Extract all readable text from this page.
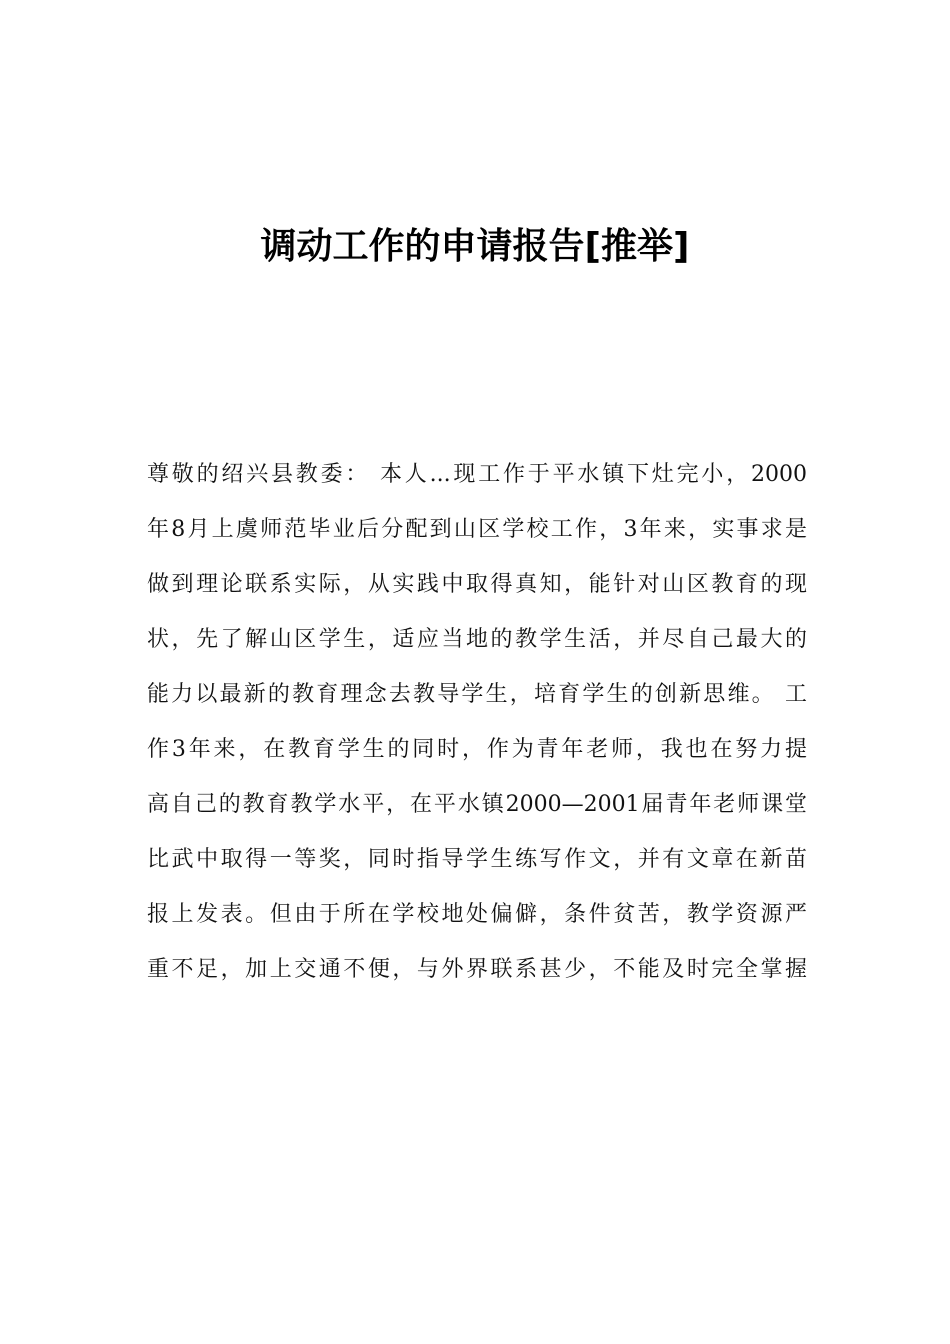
调动工作的申请报告[推举]
尊敬的绍兴县教委： 本人...现工作于平水镇下灶完小，2000
年8月上虞师范毕业后分配到山区学校工作，3年来，实事求是
做到理论联系实际，从实践中取得真知，能针对山区教育的现
状，先了解山区学生，适应当地的教学生活，并尽自己最大的
能力以最新的教育理念去教导学生，培育学生的创新思维。 工
作3年来，在教育学生的同时，作为青年老师，我也在努力提
高自己的教育教学水平，在平水镇2000—2001届青年老师课堂
比武中取得一等奖，同时指导学生练写作文，并有文章在新苗
报上发表。但由于所在学校地处偏僻，条件贫苦，教学资源严
重不足，加上交通不便，与外界联系甚少，不能及时完全掌握
